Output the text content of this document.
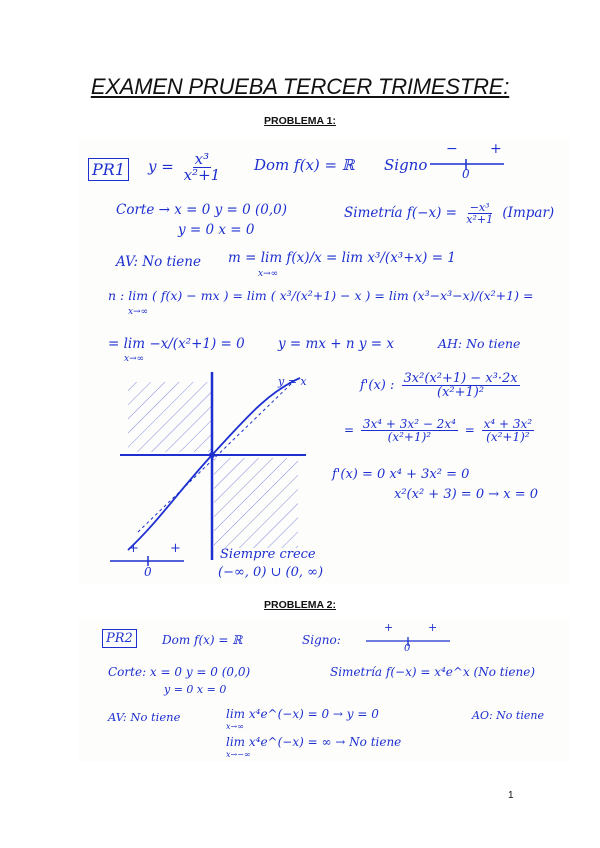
EXAMEN PRUEBA TERCER TRIMESTRE:
PROBLEMA 1:
PR1 $y = \frac{\text{x³}}{\text{x²+1}}$ Dom f(x) = ℝ Signo
− +
0
Corte → x = 0 y = 0 (0,0)
y = 0 x = 0
Simetría $f(-x) = \frac{\text{−x³}}{\text{x²+1}}$ (Impar)
AV: No tiene m = lim f(x)/x = lim x³/(x³+x) = 1
x→∞
n : lim ( f(x) − mx ) = lim ( x³/(x²+1) − x ) = lim (x³−x³−x)/(x²+1) =
x→∞
= lim −x/(x²+1) = 0
x→∞
y = mx + n y = x	AH: No tiene
y = x	f'(x) : $\frac{\text{3x²(x²+1) − x³·2x}}{\text{(x²+1)²}}$
= $\frac{\text{3x⁴ + 3x² − 2x⁴}}{\text{(x²+1)²}} = \frac{\text{x⁴ + 3x²}}{\text{(x²+1)²}}$
f'(x) = 0 x⁴ + 3x² = 0
x²(x² + 3) = 0 → x = 0
+ +
0
Siempre crece
(−∞, 0) ∪ (0, ∞)
PROBLEMA 2:
PR2	Dom f(x) = ℝ	Signo:
+	+
0
Corte: x = 0 y = 0 (0,0)
y = 0 x = 0
Simetría f(−x) = x⁴e^x (No tiene)
AV: No tiene	lim x⁴e^(−x) = 0 → y = 0
x→∞
AO: No tiene
lim x⁴e^(−x) = ∞ → No tiene
x→−∞
1
